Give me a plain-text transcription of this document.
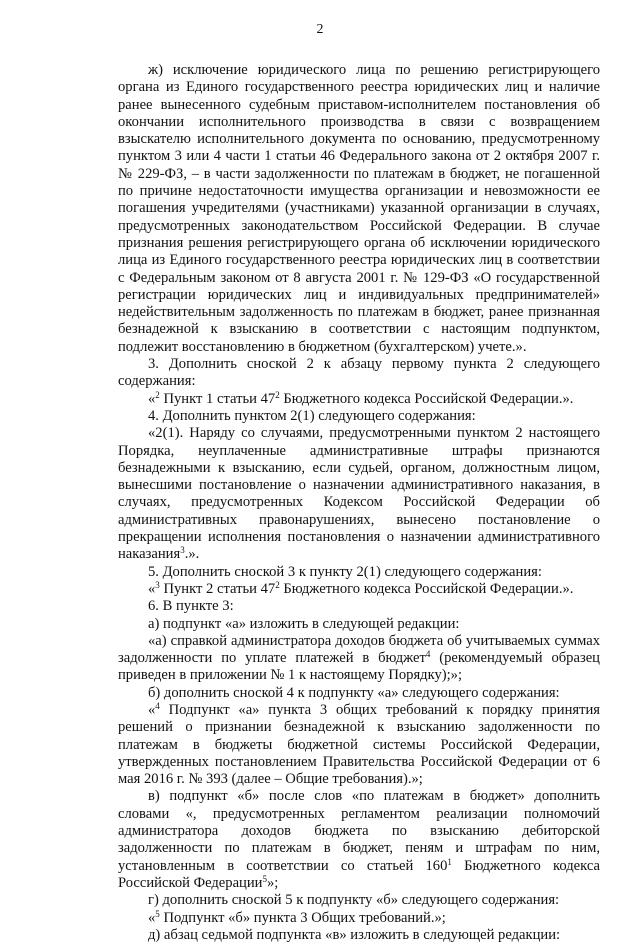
2

ж) исключение юридического лица по решению регистрирующего органа из Единого государственного реестра юридических лиц и наличие ранее вынесенного судебным приставом-исполнителем постановления об окончании исполнительного производства в связи с возвращением взыскателю исполнительного документа по основанию, предусмотренному пунктом 3 или 4 части 1 статьи 46 Федерального закона от 2 октября 2007 г. № 229-ФЗ, – в части задолженности по платежам в бюджет, не погашенной по причине недостаточности имущества организации и невозможности ее погашения учредителями (участниками) указанной организации в случаях, предусмотренных законодательством Российской Федерации. В случае признания решения регистрирующего органа об исключении юридического лица из Единого государственного реестра юридических лиц в соответствии с Федеральным законом от 8 августа 2001 г. № 129-ФЗ «О государственной регистрации юридических лиц и индивидуальных предпринимателей» недействительным задолженность по платежам в бюджет, ранее признанная безнадежной к взысканию в соответствии с настоящим подпунктом, подлежит восстановлению в бюджетном (бухгалтерском) учете.».

3. Дополнить сноской 2 к абзацу первому пункта 2 следующего содержания:

«$^2$ Пункт 1 статьи $47^2$ Бюджетного кодекса Российской Федерации.».

4. Дополнить пунктом 2(1) следующего содержания:

«2(1). Наряду со случаями, предусмотренными пунктом 2 настоящего Порядка, неуплаченные административные штрафы признаются безнадежными к взысканию, если судьей, органом, должностным лицом, вынесшими постановление о назначении административного наказания, в случаях, предусмотренных Кодексом Российской Федерации об административных правонарушениях, вынесено постановление о прекращении исполнения постановления о назначении административного наказания$^3$.».

5. Дополнить сноской 3 к пункту 2(1) следующего содержания:

«$^3$ Пункт 2 статьи $47^2$ Бюджетного кодекса Российской Федерации.».

6. В пункте 3:

а) подпункт «а» изложить в следующей редакции:

«а) справкой администратора доходов бюджета об учитываемых суммах задолженности по уплате платежей в бюджет$^4$ (рекомендуемый образец приведен в приложении № 1 к настоящему Порядку);»;

б) дополнить сноской 4 к подпункту «а» следующего содержания:

«$^4$ Подпункт «а» пункта 3 общих требований к порядку принятия решений о признании безнадежной к взысканию задолженности по платежам в бюджеты бюджетной системы Российской Федерации, утвержденных постановлением Правительства Российской Федерации от 6 мая 2016 г. № 393 (далее – Общие требования).»;

в) подпункт «б» после слов «по платежам в бюджет» дополнить словами «, предусмотренных регламентом реализации полномочий администратора доходов бюджета по взысканию дебиторской задолженности по платежам в бюджет, пеням и штрафам по ним, установленным в соответствии со статьей $160^1$ Бюджетного кодекса Российской Федерации$^5$»;

г) дополнить сноской 5 к подпункту «б» следующего содержания:

«$^5$ Подпункт «б» пункта 3 Общих требований.»;

д) абзац седьмой подпункта «в» изложить в следующей редакции:
